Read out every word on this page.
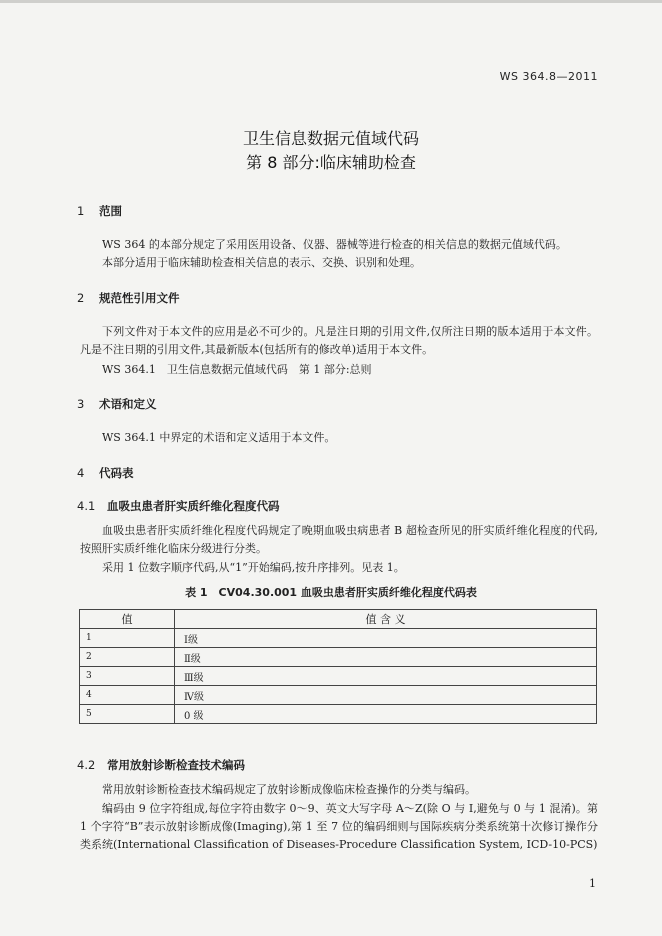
WS 364.8—2011
卫生信息数据元值域代码
第 8 部分:临床辅助检查
1 范围
WS 364 的本部分规定了采用医用设备、仪器、器械等进行检查的相关信息的数据元值域代码。
本部分适用于临床辅助检查相关信息的表示、交换、识别和处理。
2 规范性引用文件
下列文件对于本文件的应用是必不可少的。凡是注日期的引用文件,仅所注日期的版本适用于本文件。凡是不注日期的引用文件,其最新版本(包括所有的修改单)适用于本文件。
WS 364.1　卫生信息数据元值域代码　第 1 部分:总则
3 术语和定义
WS 364.1 中界定的术语和定义适用于本文件。
4 代码表
4.1 血吸虫患者肝实质纤维化程度代码
血吸虫患者肝实质纤维化程度代码规定了晚期血吸虫病患者 B 超检查所见的肝实质纤维化程度的代码,按照肝实质纤维化临床分级进行分类。
采用 1 位数字顺序代码,从“1”开始编码,按升序排列。见表 1。
表 1　CV04.30.001 血吸虫患者肝实质纤维化程度代码表
值	值 含 义
1	Ⅰ级
2	Ⅱ级
3	Ⅲ级
4	Ⅳ级
5	0 级
4.2 常用放射诊断检查技术编码
常用放射诊断检查技术编码规定了放射诊断成像临床检查操作的分类与编码。
编码由 9 位字符组成,每位字符由数字 0～9、英文大写字母 A～Z(除 O 与 I,避免与 0 与 1 混淆)。第 1 个字符“B”表示放射诊断成像(Imaging),第 1 至 7 位的编码细则与国际疾病分类系统第十次修订操作分类系统(International Classification of Diseases-Procedure Classification System, ICD-10-PCS)
1
